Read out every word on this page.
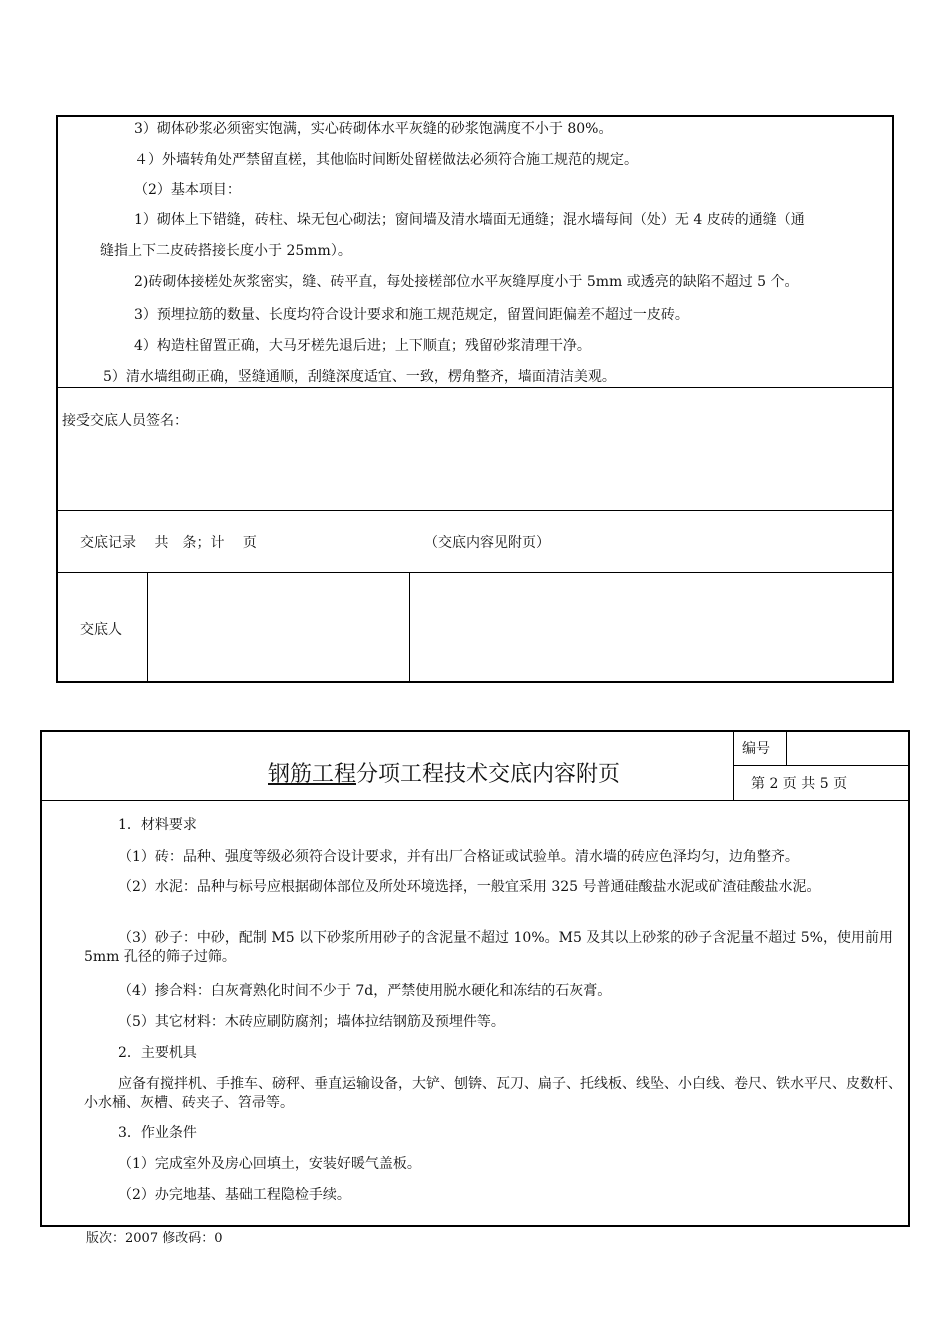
3）砌体砂浆必须密实饱满，实心砖砌体水平灰缝的砂浆饱满度不小于 80%。
４）外墙转角处严禁留直槎，其他临时间断处留槎做法必须符合施工规范的规定。
（2）基本项目：
1）砌体上下错缝，砖柱、垛无包心砌法；窗间墙及清水墙面无通缝；混水墙每间（处）无 4 皮砖的通缝（通
缝指上下二皮砖搭接长度小于 25mm）。
2)砖砌体接槎处灰浆密实，缝、砖平直，每处接槎部位水平灰缝厚度小于 5mm 或透亮的缺陷不超过 5 个。
3）预埋拉筋的数量、长度均符合设计要求和施工规范规定，留置间距偏差不超过一皮砖。
4）构造柱留置正确，大马牙槎先退后进；上下顺直；残留砂浆清理干净。
5）清水墙组砌正确，竖缝通顺，刮缝深度适宜、一致，楞角整齐，墙面清洁美观。
接受交底人员签名：
交底记录　 共　条；计　 页	（交底内容见附页）
交底人
钢筋工程分项工程技术交底内容附页
编号
第 2 页 共 5 页
1．材料要求
（1）砖：品种、强度等级必须符合设计要求，并有出厂合格证或试验单。清水墙的砖应色泽均匀，边角整齐。
（2）水泥：品种与标号应根据砌体部位及所处环境选择，一般宜采用 325 号普通硅酸盐水泥或矿渣硅酸盐水泥。
（3）砂子：中砂，配制 M5 以下砂浆所用砂子的含泥量不超过 10%。M5 及其以上砂浆的砂子含泥量不超过 5%，使用前用 5mm 孔径的筛子过筛。
（4）掺合料：白灰膏熟化时间不少于 7d，严禁使用脱水硬化和冻结的石灰膏。
（5）其它材料：木砖应刷防腐剂；墙体拉结钢筋及预埋件等。
2．主要机具
应备有搅拌机、手推车、磅秤、垂直运输设备，大铲、刨锛、瓦刀、扁子、托线板、线坠、小白线、卷尺、铁水平尺、皮数杆、小水桶、灰槽、砖夹子、笤帚等。
3．作业条件
（1）完成室外及房心回填土，安装好暖气盖板。
（2）办完地基、基础工程隐检手续。
版次：2007 修改码：0
